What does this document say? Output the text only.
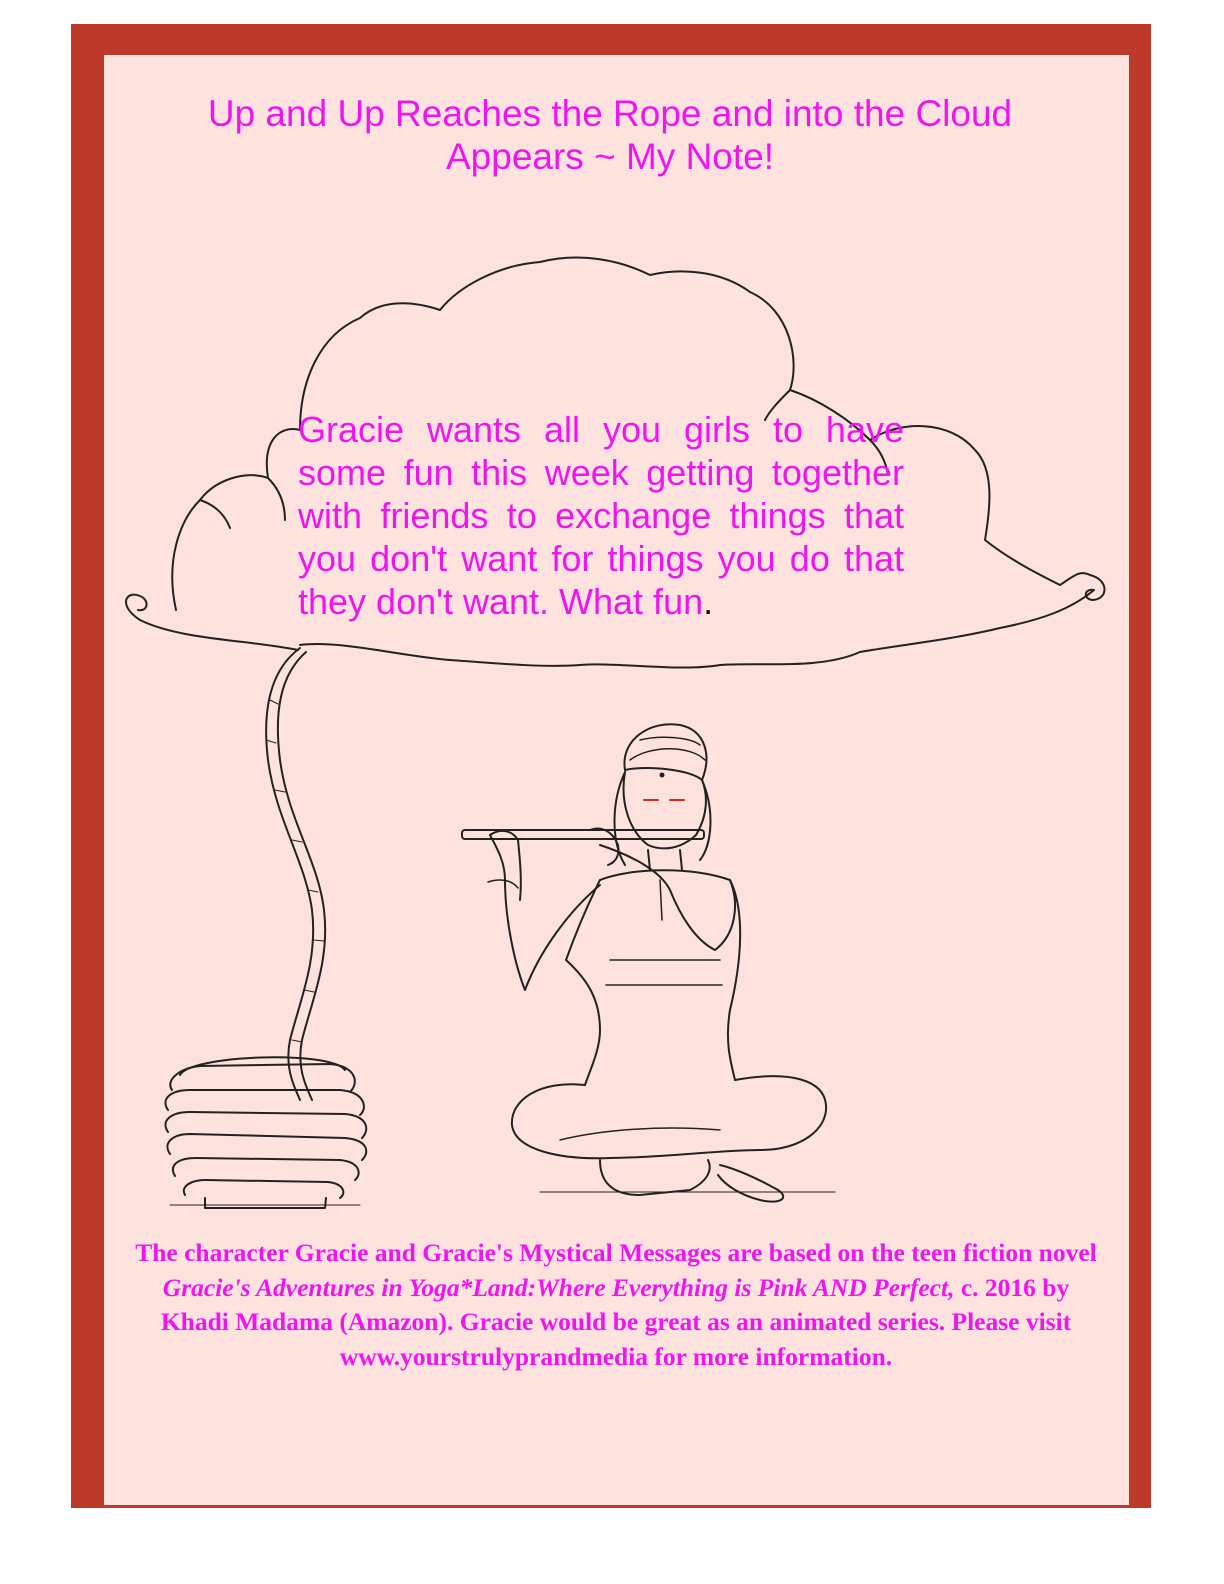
Up and Up Reaches the Rope and into the Cloud Appears ~ My Note!

Gracie wants all you girls to have some fun this week getting together with friends to exchange things that you don't want for things you do that they don't want. What fun.

The character Gracie and Gracie's Mystical Messages are based on the teen fiction novel Gracie's Adventures in Yoga*Land:Where Everything is Pink AND Perfect, c. 2016 by Khadi Madama (Amazon). Gracie would be great as an animated series. Please visit www.yourstrulyprandmedia for more information.
